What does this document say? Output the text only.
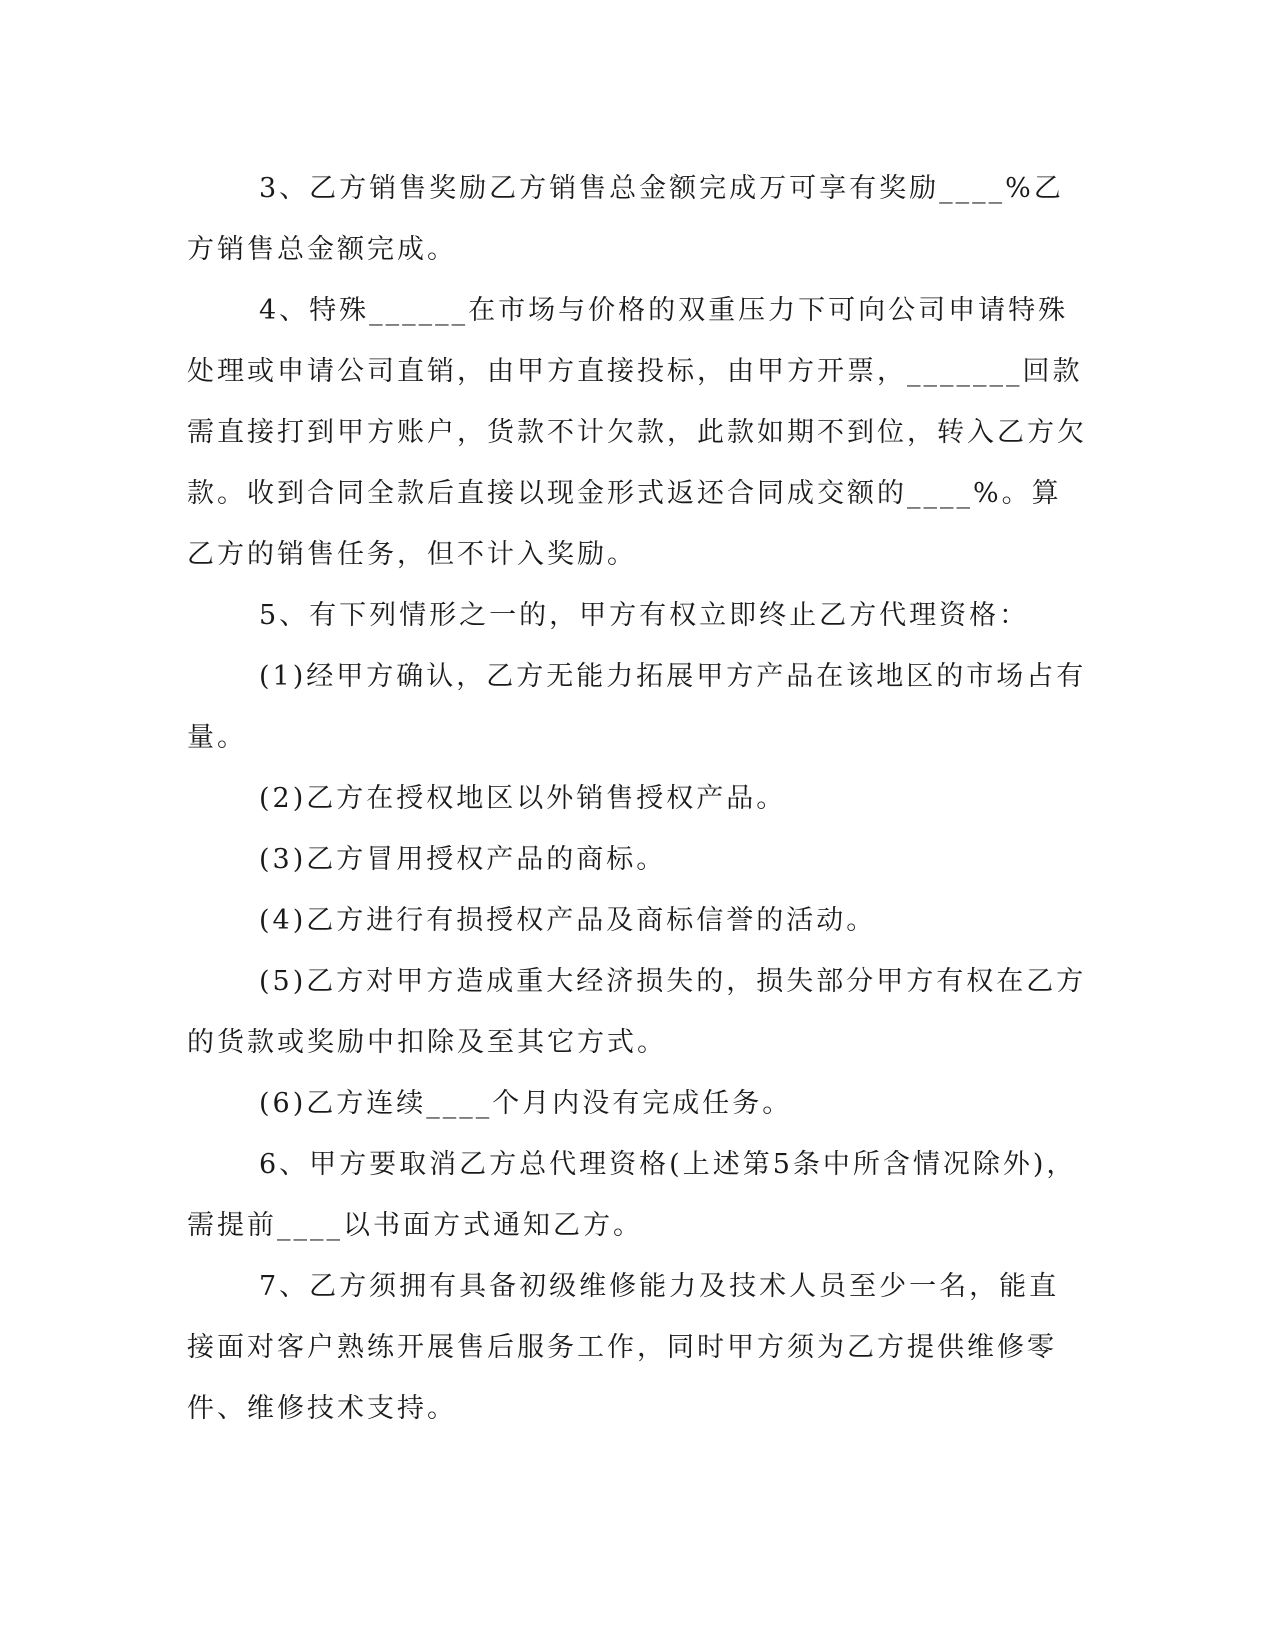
3、乙方销售奖励乙方销售总金额完成万可享有奖励____%乙方销售总金额完成。

4、特殊______在市场与价格的双重压力下可向公司申请特殊处理或申请公司直销，由甲方直接投标，由甲方开票，_______回款需直接打到甲方账户，货款不计欠款，此款如期不到位，转入乙方欠款。收到合同全款后直接以现金形式返还合同成交额的____%。算乙方的销售任务，但不计入奖励。

5、有下列情形之一的，甲方有权立即终止乙方代理资格：

(1)经甲方确认，乙方无能力拓展甲方产品在该地区的市场占有量。

(2)乙方在授权地区以外销售授权产品。

(3)乙方冒用授权产品的商标。

(4)乙方进行有损授权产品及商标信誉的活动。

(5)乙方对甲方造成重大经济损失的，损失部分甲方有权在乙方的货款或奖励中扣除及至其它方式。

(6)乙方连续____个月内没有完成任务。

6、甲方要取消乙方总代理资格(上述第5条中所含情况除外)，需提前____以书面方式通知乙方。

7、乙方须拥有具备初级维修能力及技术人员至少一名，能直接面对客户熟练开展售后服务工作，同时甲方须为乙方提供维修零件、维修技术支持。
